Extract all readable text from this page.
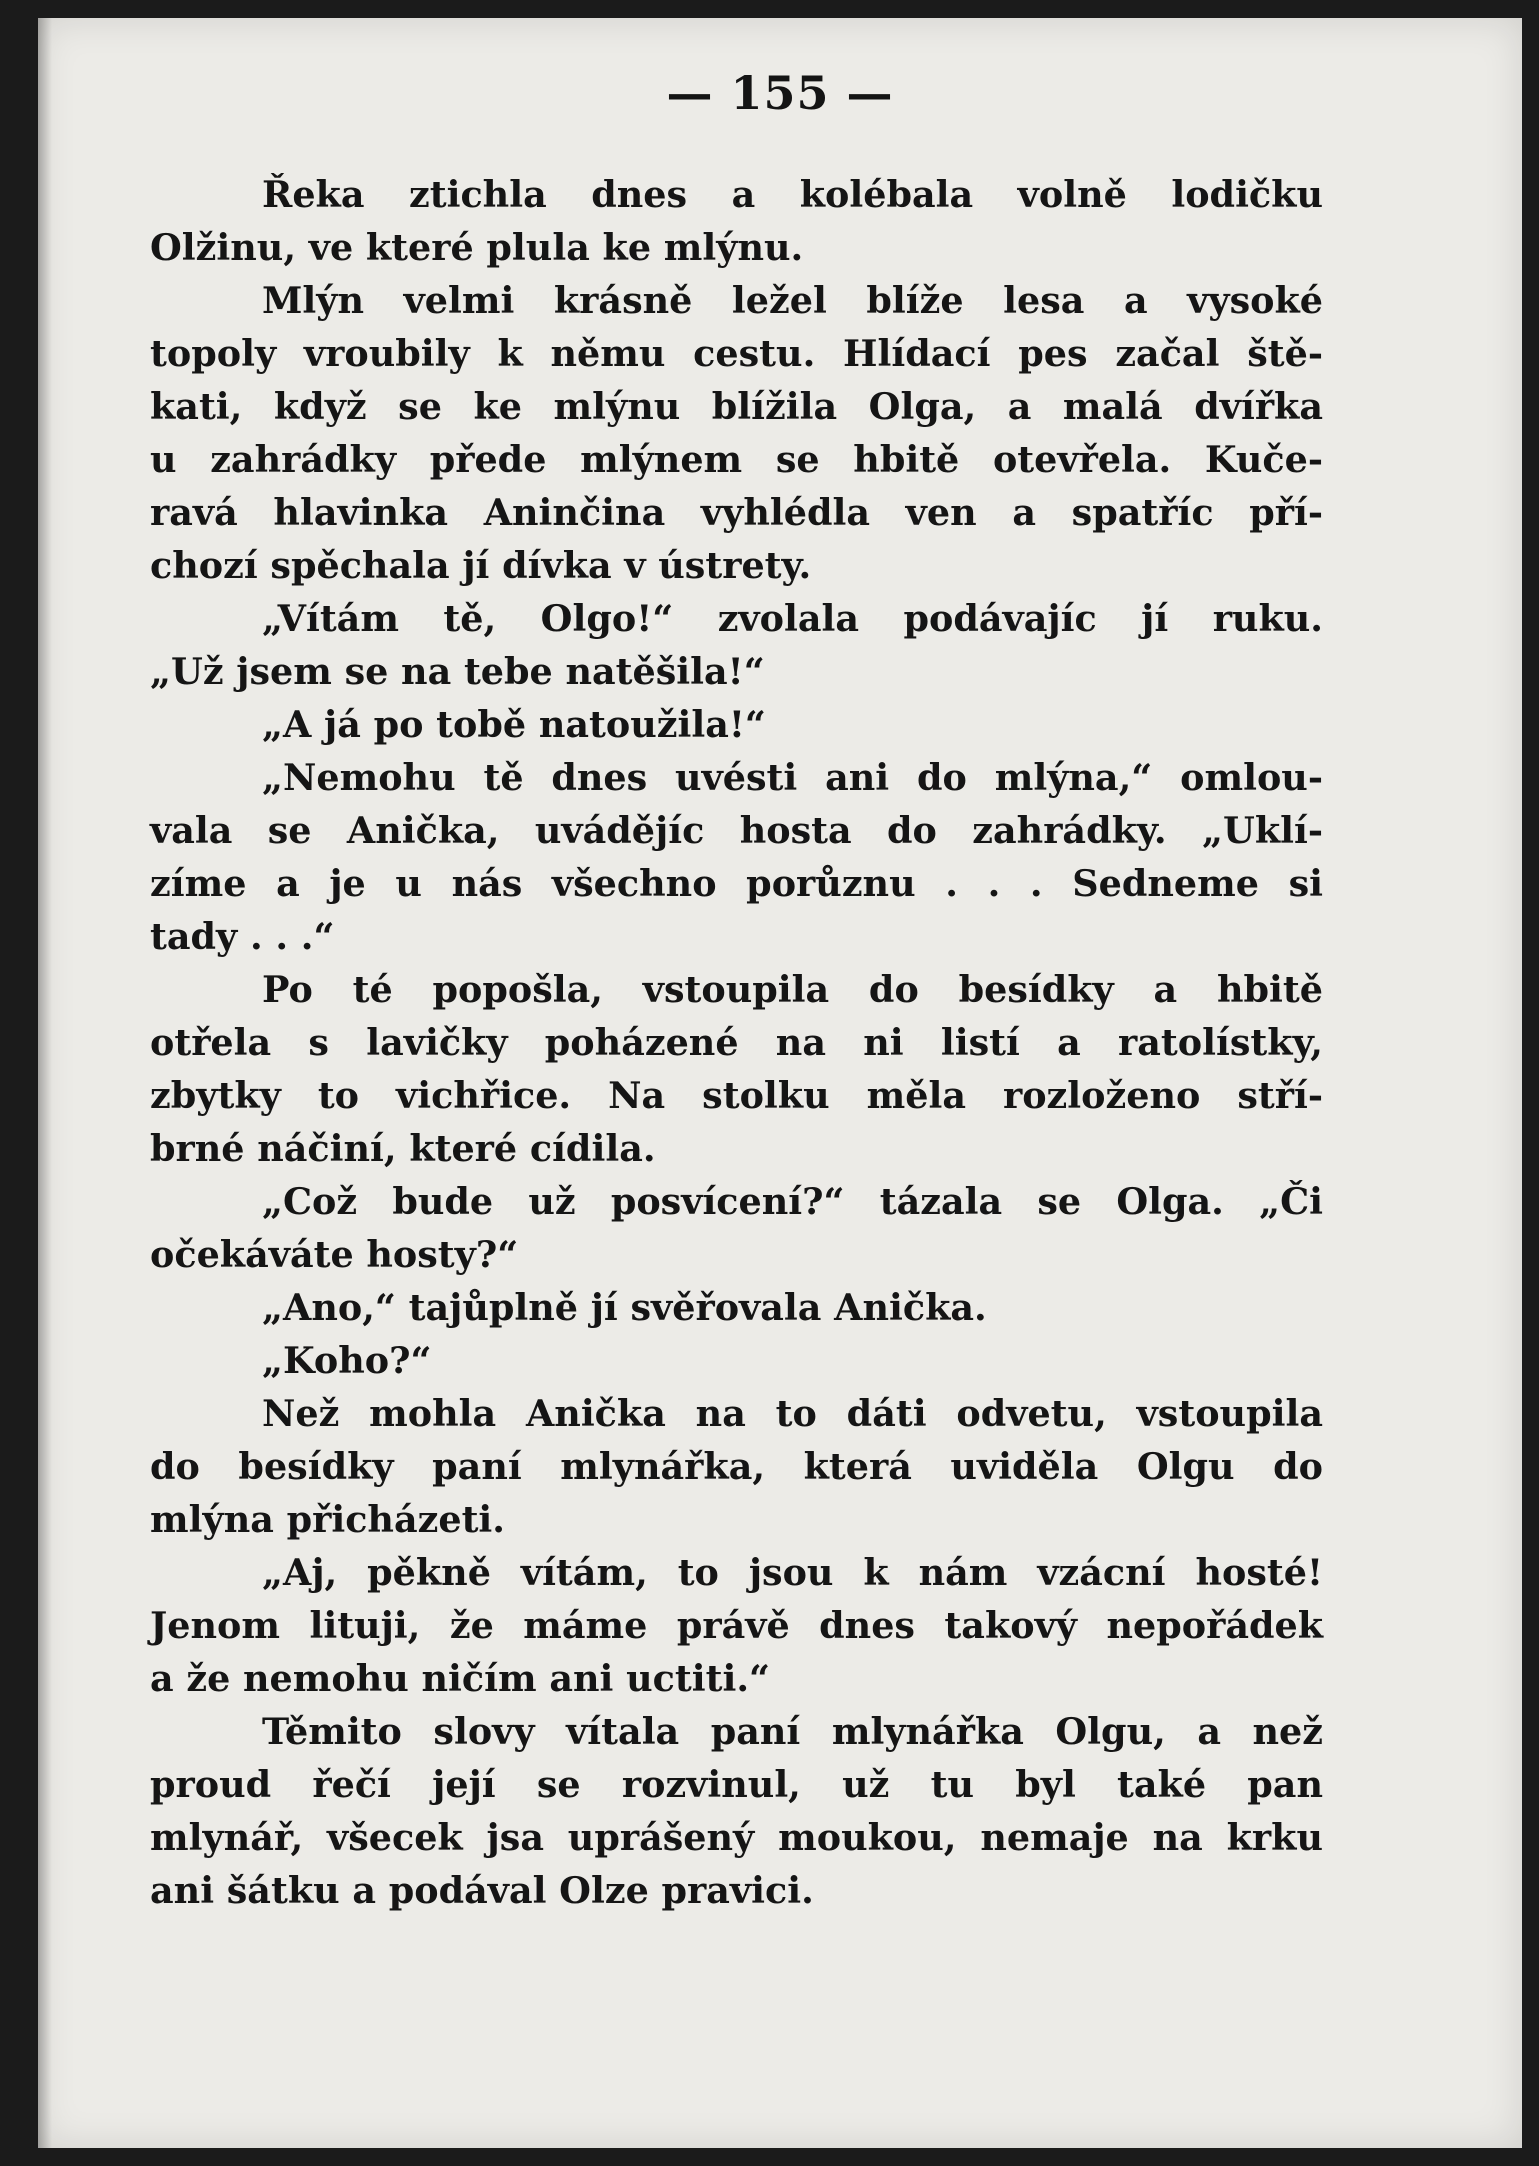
— 155 —
Řeka ztichla dnes a kolébala volně lodičku
Olžinu, ve které plula ke mlýnu.
Mlýn velmi krásně ležel blíže lesa a vysoké
topoly vroubily k němu cestu. Hlídací pes začal ště-
kati, když se ke mlýnu blížila Olga, a malá dvířka
u zahrádky přede mlýnem se hbitě otevřela. Kuče-
ravá hlavinka Aninčina vyhlédla ven a spatříc pří-
chozí spěchala jí dívka v ústrety.
„Vítám tě, Olgo!“ zvolala podávajíc jí ruku.
„Už jsem se na tebe natěšila!“
„A já po tobě natoužila!“
„Nemohu tě dnes uvésti ani do mlýna,“ omlou-
vala se Anička, uvádějíc hosta do zahrádky. „Uklí-
zíme a je u nás všechno porůznu . . . Sedneme si
tady . . .“
Po té popošla, vstoupila do besídky a hbitě
otřela s lavičky poházené na ni listí a ratolístky,
zbytky to vichřice. Na stolku měla rozloženo stří-
brné náčiní, které cídila.
„Což bude už posvícení?“ tázala se Olga. „Či
očekáváte hosty?“
„Ano,“ tajůplně jí svěřovala Anička.
„Koho?“
Než mohla Anička na to dáti odvetu, vstoupila
do besídky paní mlynářka, která uviděla Olgu do
mlýna přicházeti.
„Aj, pěkně vítám, to jsou k nám vzácní hosté!
Jenom lituji, že máme právě dnes takový nepořádek
a že nemohu ničím ani uctiti.“
Těmito slovy vítala paní mlynářka Olgu, a než
proud řečí její se rozvinul, už tu byl také pan
mlynář, všecek jsa uprášený moukou, nemaje na krku
ani šátku a podával Olze pravici.
